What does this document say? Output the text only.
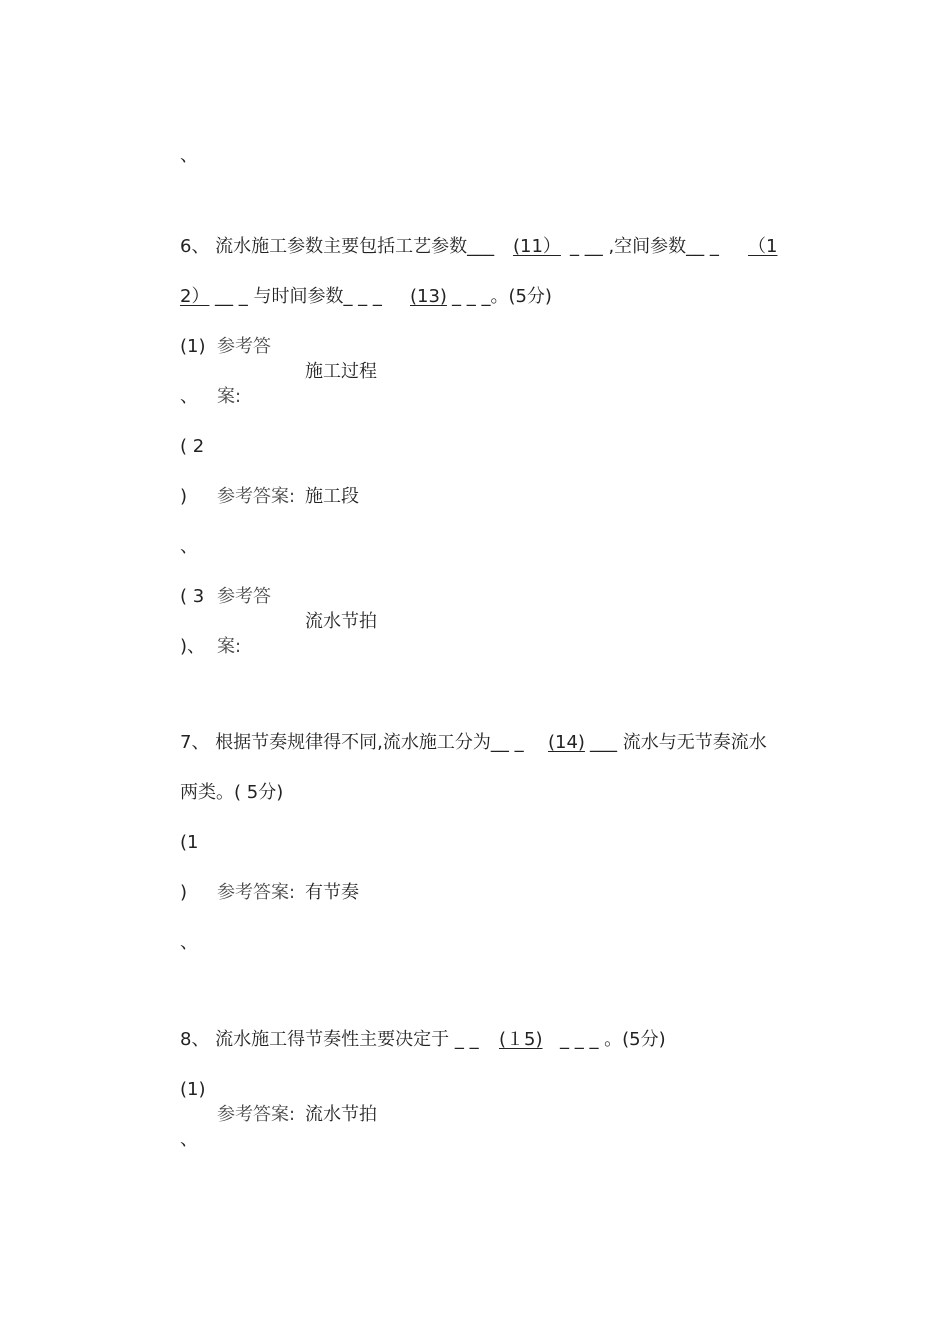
、
6、 流水施工参数主要包括工艺参数___ (11） _ __ ,空间参数__ _ （1
2） __ _ 与时间参数_ _ _ (13) _ _ _。(5分)
(1) 参考答
施工过程
、 案:
( 2
) 参考答案: 施工段
、
( 3 参考答
流水节拍
)、 案:
7、 根据节奏规律得不同,流水施工分为__ _ (14) ___ 流水与无节奏流水
两类。( 5分)
(1
) 参考答案: 有节奏
、
8、 流水施工得节奏性主要决定于 _ _ (１5) _ _ _ 。(5分)
(1)
参考答案: 流水节拍
、
